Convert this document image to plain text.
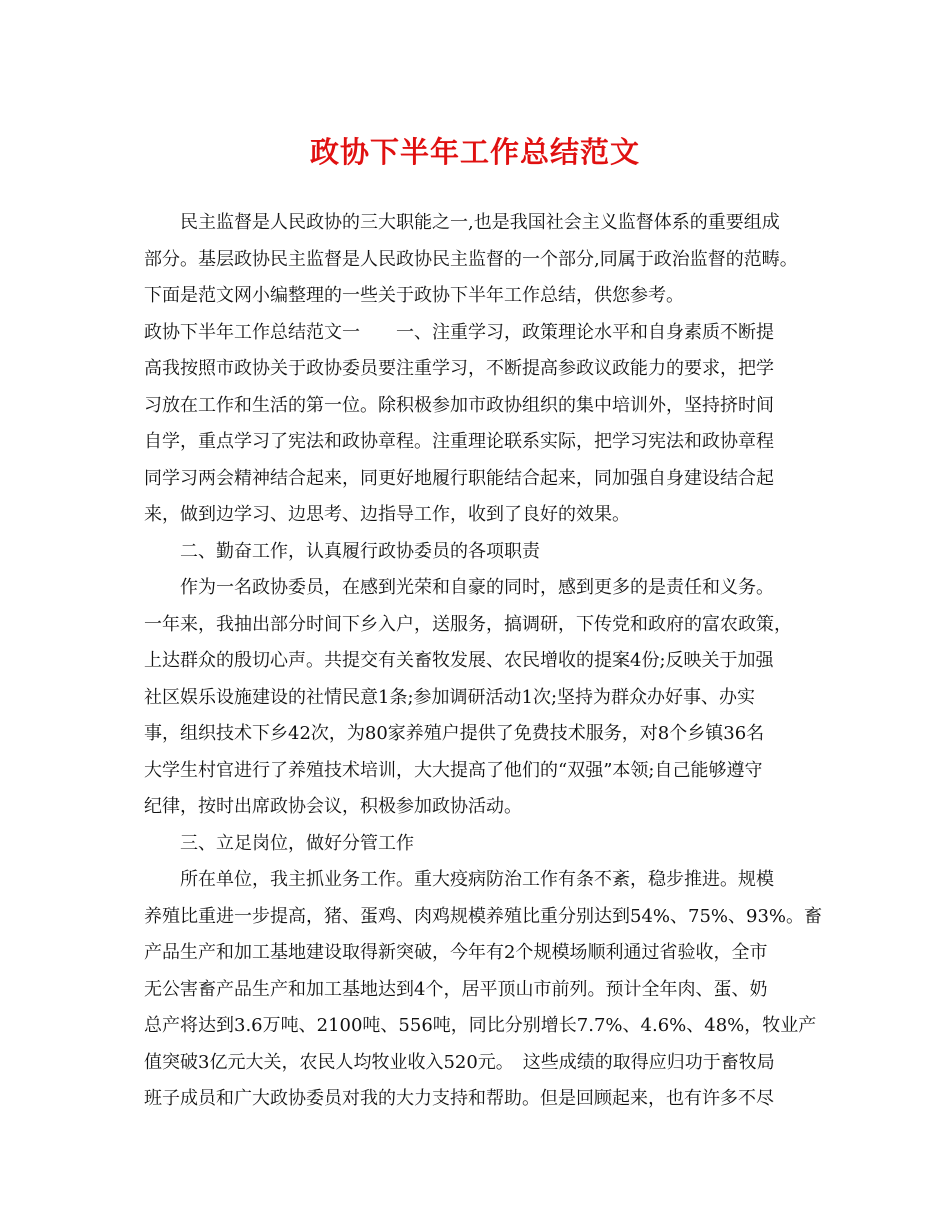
政协下半年工作总结范文
民主监督是人民政协的三大职能之一,也是我国社会主义监督体系的重要组成
部分。基层政协民主监督是人民政协民主监督的一个部分,同属于政治监督的范畴。
下面是范文网小编整理的一些关于政协下半年工作总结，供您参考。
政协下半年工作总结范文一　　一、注重学习，政策理论水平和自身素质不断提
高我按照市政协关于政协委员要注重学习，不断提高参政议政能力的要求，把学
习放在工作和生活的第一位。除积极参加市政协组织的集中培训外，坚持挤时间
自学，重点学习了宪法和政协章程。注重理论联系实际，把学习宪法和政协章程
同学习两会精神结合起来，同更好地履行职能结合起来，同加强自身建设结合起
来，做到边学习、边思考、边指导工作，收到了良好的效果。
二、勤奋工作，认真履行政协委员的各项职责
作为一名政协委员，在感到光荣和自豪的同时，感到更多的是责任和义务。
一年来，我抽出部分时间下乡入户，送服务，搞调研，下传党和政府的富农政策，
上达群众的殷切心声。共提交有关畜牧发展、农民增收的提案4份;反映关于加强
社区娱乐设施建设的社情民意1条;参加调研活动1次;坚持为群众办好事、办实
事，组织技术下乡42次，为80家养殖户提供了免费技术服务，对8个乡镇36名
大学生村官进行了养殖技术培训，大大提高了他们的“双强”本领;自己能够遵守
纪律，按时出席政协会议，积极参加政协活动。
三、立足岗位，做好分管工作
所在单位，我主抓业务工作。重大疫病防治工作有条不紊，稳步推进。规模
养殖比重进一步提高，猪、蛋鸡、肉鸡规模养殖比重分别达到54%、75%、93%。畜
产品生产和加工基地建设取得新突破，今年有2个规模场顺利通过省验收，全市
无公害畜产品生产和加工基地达到4个，居平顶山市前列。预计全年肉、蛋、奶
总产将达到3.6万吨、2100吨、556吨，同比分别增长7.7%、4.6%、48%，牧业产
值突破3亿元大关，农民人均牧业收入520元。　这些成绩的取得应归功于畜牧局
班子成员和广大政协委员对我的大力支持和帮助。但是回顾起来，也有许多不尽
